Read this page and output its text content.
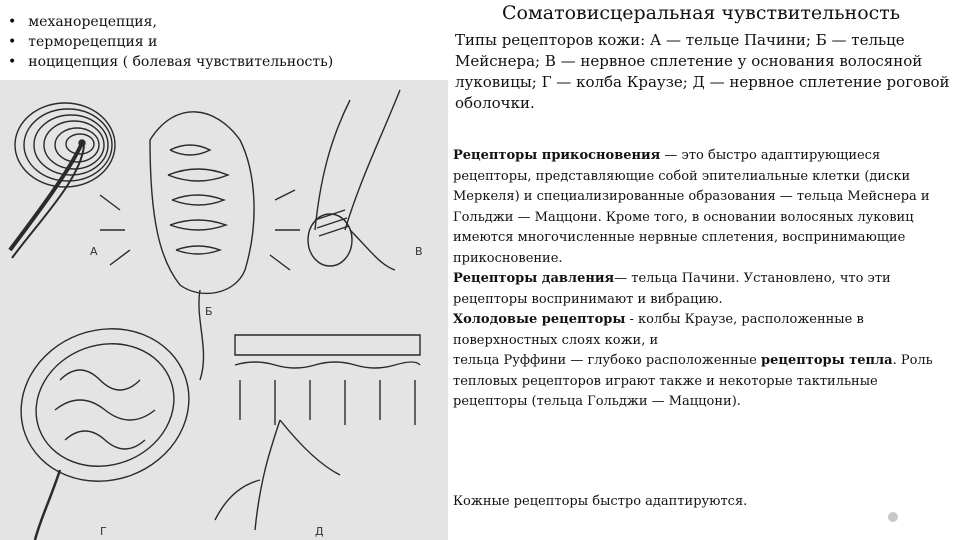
• механорецепция,
• терморецепция и
• ноцицепция ( болевая чувствительность)
А
Б
В
Г	Д
Соматовисцеральная чувствительность

Типы рецепторов кожи: А — тельце Пачини; Б — тельце Мейснера; В — нервное сплетение у основания волосяной луковицы; Г — колба Краузе; Д — нервное сплетение роговой оболочки.

Рецепторы прикосновения — это быстро адаптирующиеся рецепторы, представляющие собой эпителиальные клетки (диски Меркеля) и специализированные образования — тельца Мейснера и Гольджи — Маццони. Кроме того, в основании волосяных луковиц имеются многочисленные нервные сплетения, воспринимающие прикосновение.

Рецепторы давления— тельца Пачини. Установлено, что эти рецепторы воспринимают и вибрацию.

Холодовые рецепторы - колбы Краузе, расположенные в поверхностных слоях кожи, и

тельца Руффини — глубоко расположенные рецепторы тепла. Роль тепловых рецепторов играют также и некоторые тактильные рецепторы (тельца Гольджи — Маццони).

Кожные рецепторы быстро адаптируются.
